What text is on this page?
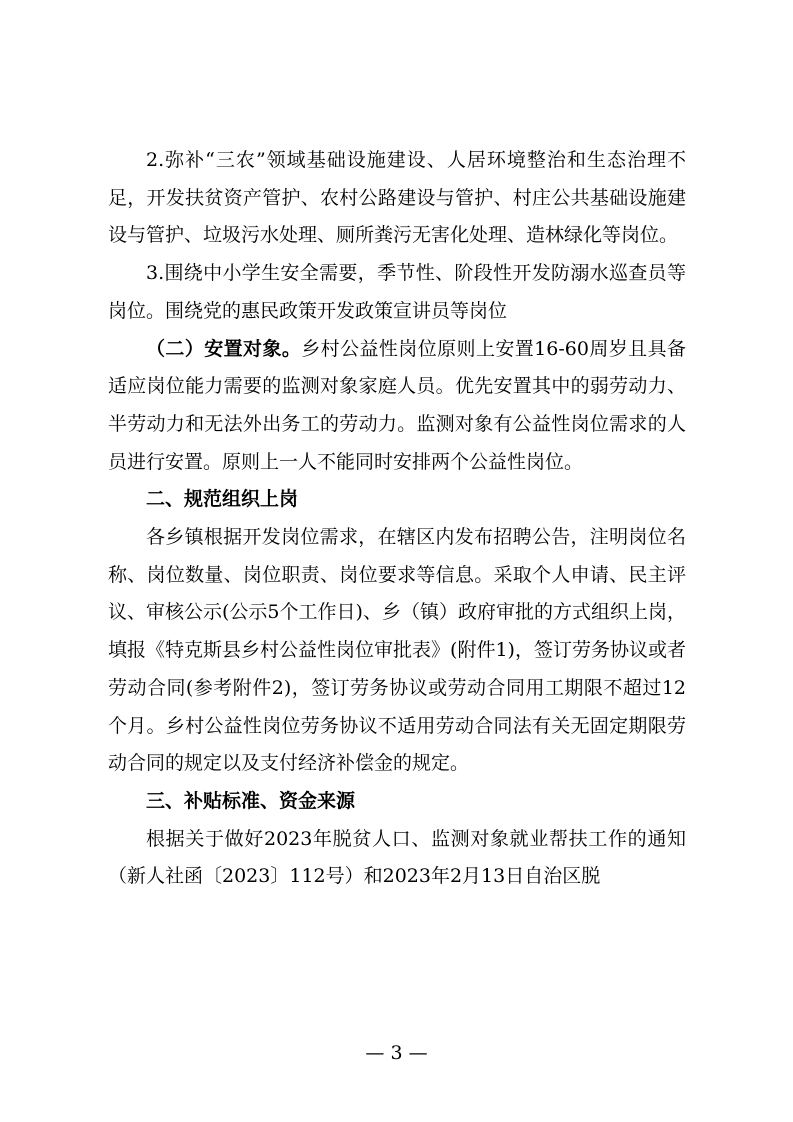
2.弥补“三农”领域基础设施建设、人居环境整治和生态治理不足，开发扶贫资产管护、农村公路建设与管护、村庄公共基础设施建设与管护、垃圾污水处理、厕所粪污无害化处理、造林绿化等岗位。

3.围绕中小学生安全需要，季节性、阶段性开发防溺水巡查员等岗位。围绕党的惠民政策开发政策宣讲员等岗位

（二）安置对象。乡村公益性岗位原则上安置16-60周岁且具备适应岗位能力需要的监测对象家庭人员。优先安置其中的弱劳动力、半劳动力和无法外出务工的劳动力。监测对象有公益性岗位需求的人员进行安置。原则上一人不能同时安排两个公益性岗位。

二、规范组织上岗

各乡镇根据开发岗位需求，在辖区内发布招聘公告，注明岗位名称、岗位数量、岗位职责、岗位要求等信息。采取个人申请、民主评议、审核公示(公示5个工作日)、乡（镇）政府审批的方式组织上岗，填报《特克斯县乡村公益性岗位审批表》(附件1)，签订劳务协议或者劳动合同(参考附件2)，签订劳务协议或劳动合同用工期限不超过12个月。乡村公益性岗位劳务协议不适用劳动合同法有关无固定期限劳动合同的规定以及支付经济补偿金的规定。

三、补贴标准、资金来源

根据关于做好2023年脱贫人口、监测对象就业帮扶工作的通知（新人社函〔2023〕112号）和2023年2月13日自治区脱

— 3 —
